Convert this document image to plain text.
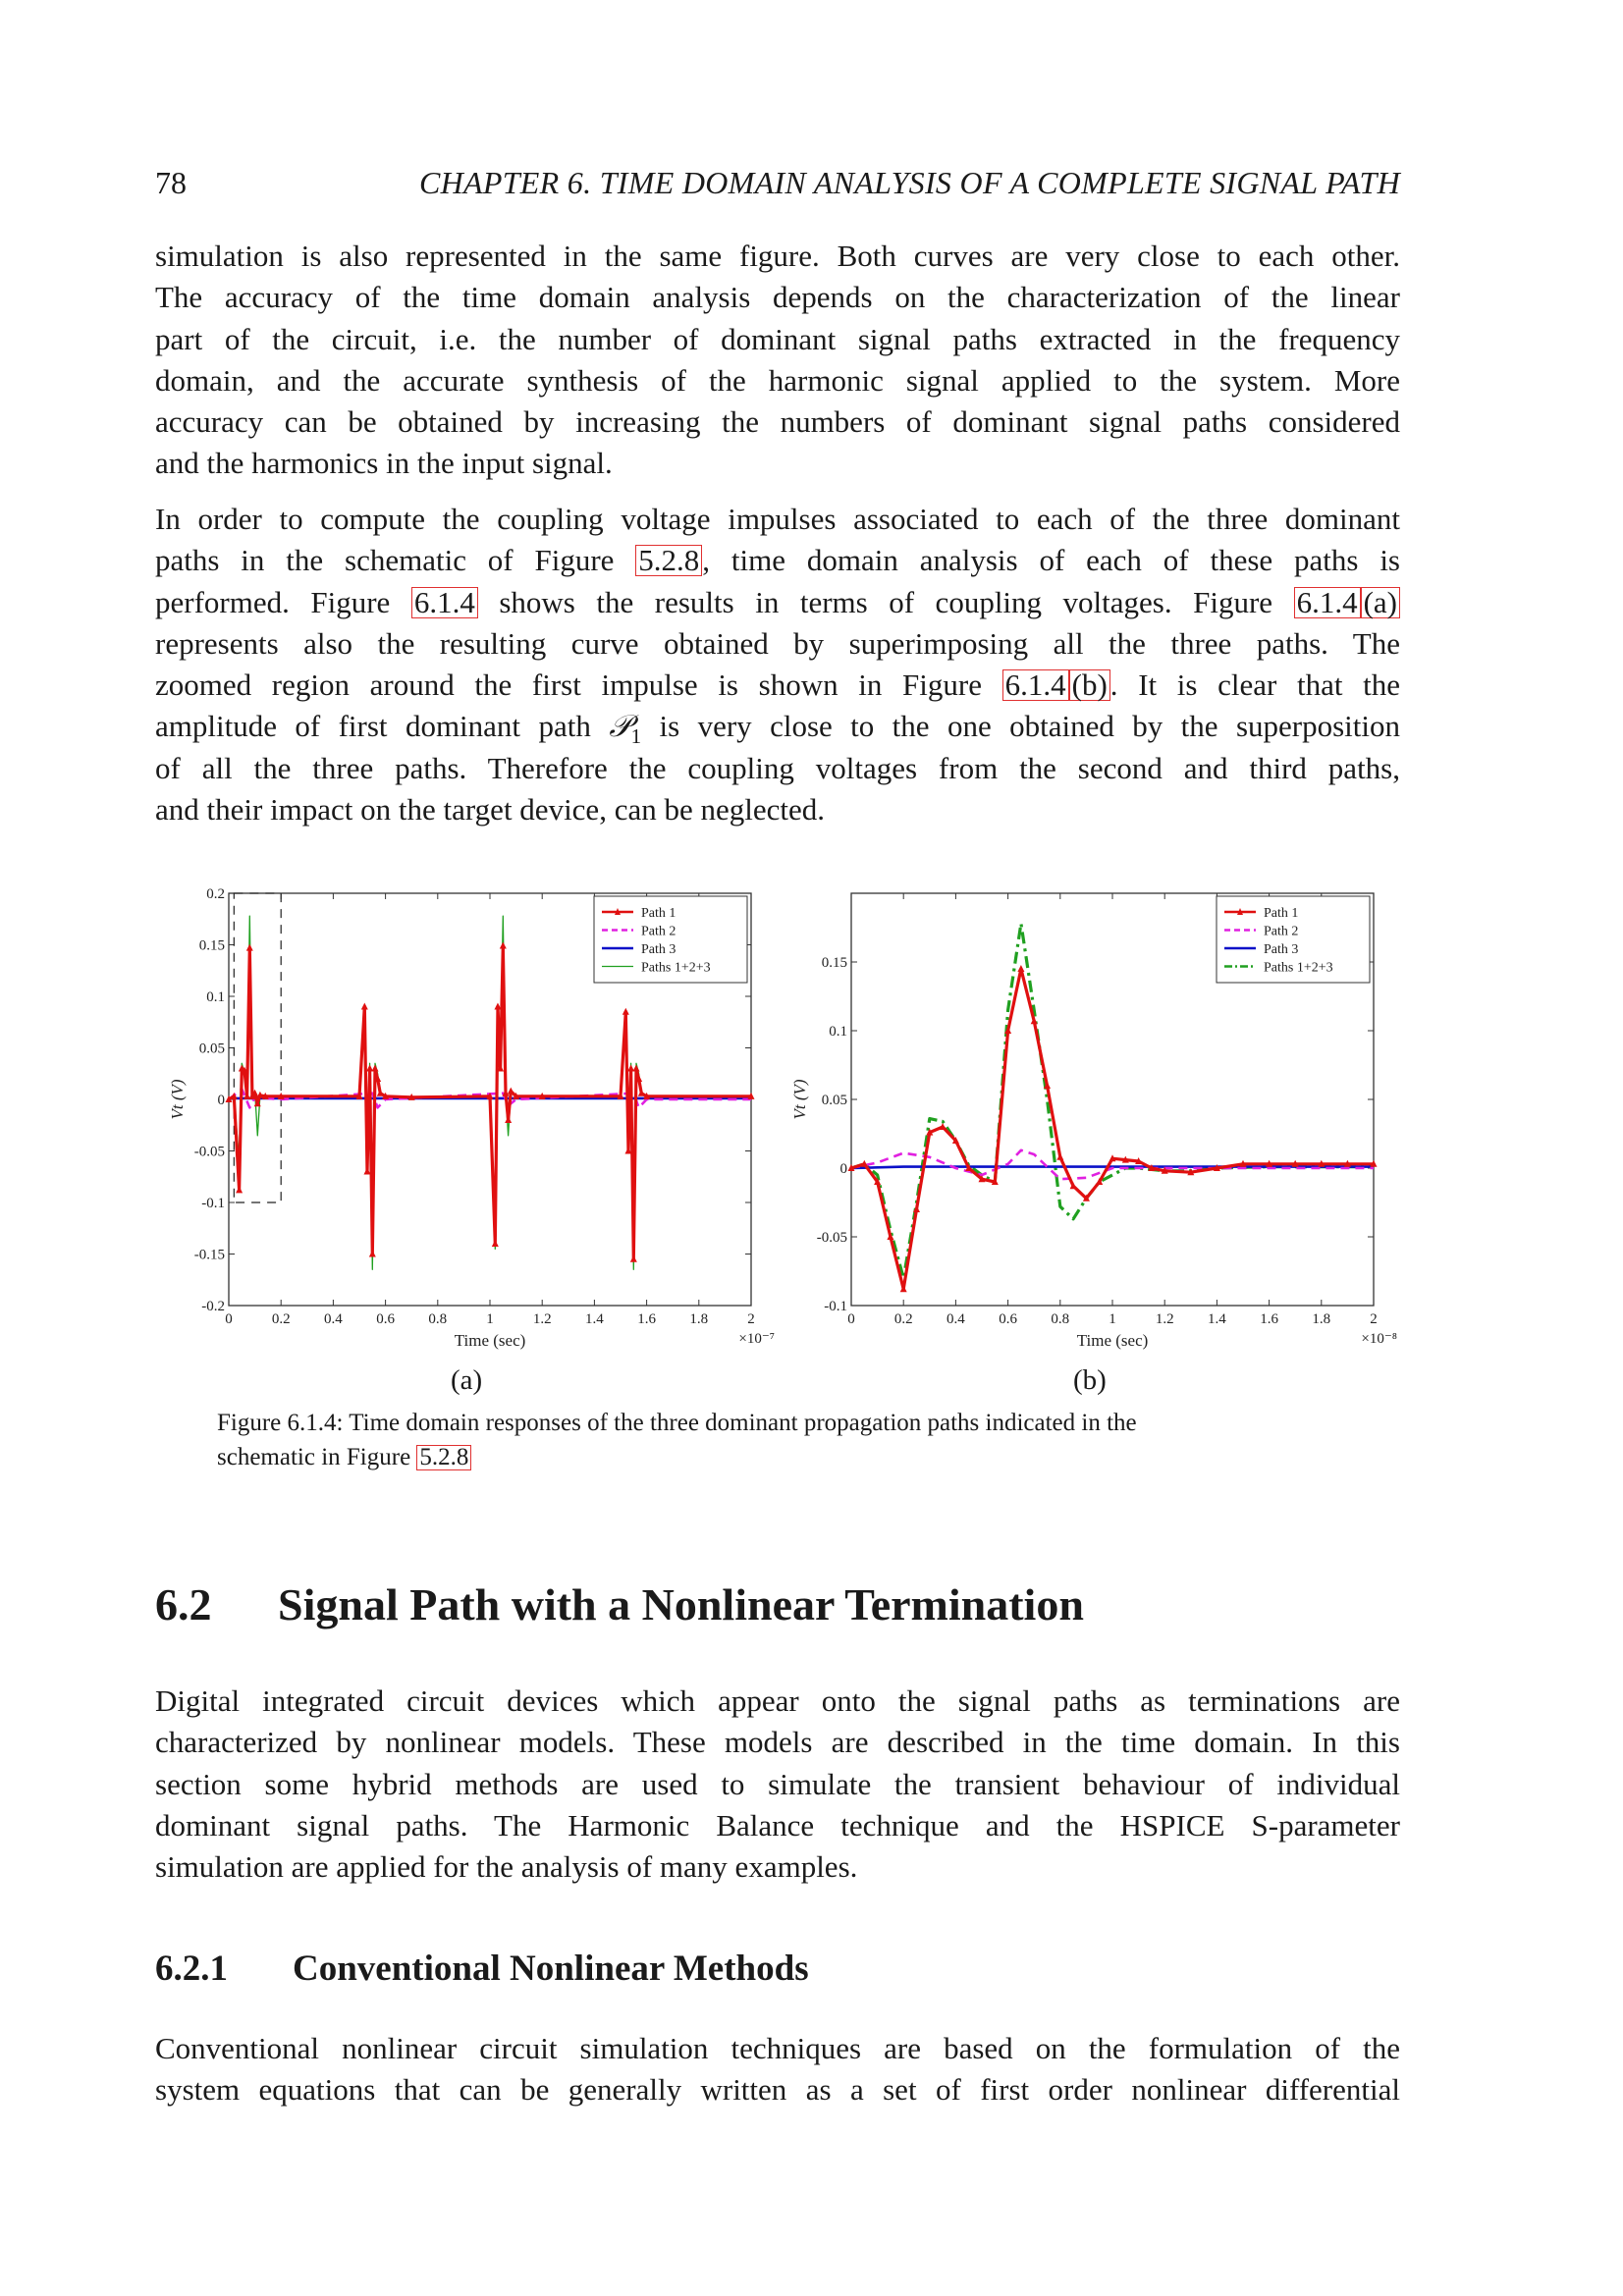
78	CHAPTER 6. TIME DOMAIN ANALYSIS OF A COMPLETE SIGNAL PATH
simulation is also represented in the same figure. Both curves are very close to each other.
The accuracy of the time domain analysis depends on the characterization of the linear
part of the circuit, i.e. the number of dominant signal paths extracted in the frequency
domain, and the accurate synthesis of the harmonic signal applied to the system. More
accuracy can be obtained by increasing the numbers of dominant signal paths considered
and the harmonics in the input signal.
In order to compute the coupling voltage impulses associated to each of the three dominant
paths in the schematic of Figure 5.2.8, time domain analysis of each of these paths is
performed. Figure 6.1.4 shows the results in terms of coupling voltages. Figure 6.1.4 (a)
represents also the resulting curve obtained by superimposing all the three paths. The
zoomed region around the first impulse is shown in Figure 6.1.4 (b). It is clear that the
amplitude of first dominant path 𝒫$_1$ is very close to the one obtained by the superposition
of all the three paths. Therefore the coupling voltages from the second and third paths,
and their impact on the target device, can be neglected.
0	0.2 0.4 0.6 0.8	1	1.2 1.4 1.6 1.8	2
0.2
0.15
0.1
0.05
0
-0.05
-0.1
-0.15
-0.2
Time (sec)	×10⁻⁷
Vt (V)
Path 1
Path 2
Path 3
Paths 1+2+3
0	0.2 0.4 0.6 0.8	1	1.2 1.4 1.6 1.8	2
0.15
0.1
0.05
0
-0.05
-0.1
Time (sec)	×10⁻⁸
Vt (V)
Path 1
Path 2
Path 3
Paths 1+2+3
(a)	(b)
Figure 6.1.4: Time domain responses of the three dominant propagation paths indicated in the
schematic in Figure 5.2.8
6.2 Signal Path with a Nonlinear Termination
Digital integrated circuit devices which appear onto the signal paths as terminations are
characterized by nonlinear models. These models are described in the time domain. In this
section some hybrid methods are used to simulate the transient behaviour of individual
dominant signal paths. The Harmonic Balance technique and the HSPICE S-parameter
simulation are applied for the analysis of many examples.
6.2.1 Conventional Nonlinear Methods
Conventional nonlinear circuit simulation techniques are based on the formulation of the
system equations that can be generally written as a set of first order nonlinear differential
